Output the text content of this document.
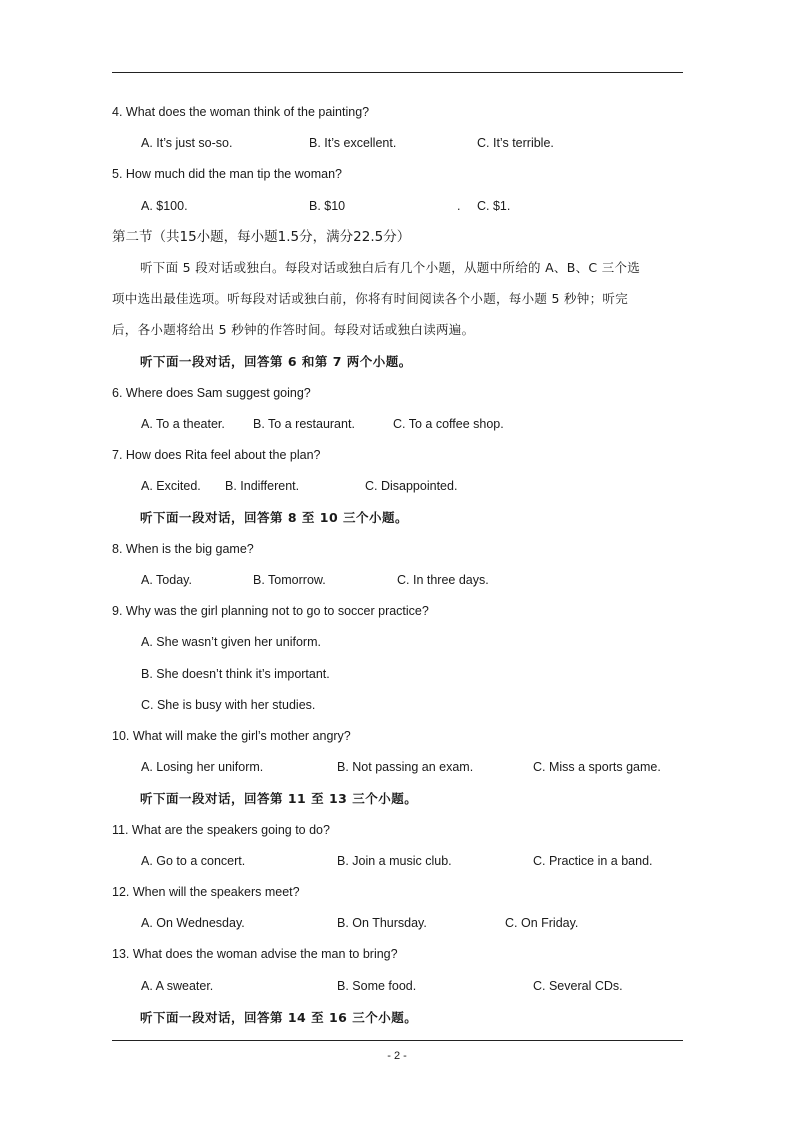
4. What does the woman think of the painting?
A. It’s just so-so.	B. It’s excellent.	C. It’s terrible.
5. How much did the man tip the woman?
A. $100.	B. $10	. C. $1.
第二节（共15小题，每小题1.5分，满分22.5分）
听下面 5 段对话或独白。每段对话或独白后有几个小题，从题中所给的 A、B、C 三个选
项中选出最佳选项。听每段对话或独白前，你将有时间阅读各个小题，每小题 5 秒钟；听完
后，各小题将给出 5 秒钟的作答时间。每段对话或独白读两遍。
听下面一段对话，回答第 6 和第 7 两个小题。
6. Where does Sam suggest going?
A. To a theater. B. To a restaurant.	C. To a coffee shop.
7. How does Rita feel about the plan?
A. Excited. B. Indifferent.	C. Disappointed.
听下面一段对话，回答第 8 至 10 三个小题。
8. When is the big game?
A. Today.	B. Tomorrow.	C. In three days.
9. Why was the girl planning not to go to soccer practice?
A. She wasn’t given her uniform.
B. She doesn’t think it’s important.
C. She is busy with her studies.
10. What will make the girl’s mother angry?
A. Losing her uniform.	B. Not passing an exam.	C. Miss a sports game.
听下面一段对话，回答第 11 至 13 三个小题。
11. What are the speakers going to do?
A. Go to a concert.	B. Join a music club.	C. Practice in a band.
12. When will the speakers meet?
A. On Wednesday.	B. On Thursday.	C. On Friday.
13. What does the woman advise the man to bring?
A. A sweater.	B. Some food.	C. Several CDs.
听下面一段对话，回答第 14 至 16 三个小题。
- 2 -
